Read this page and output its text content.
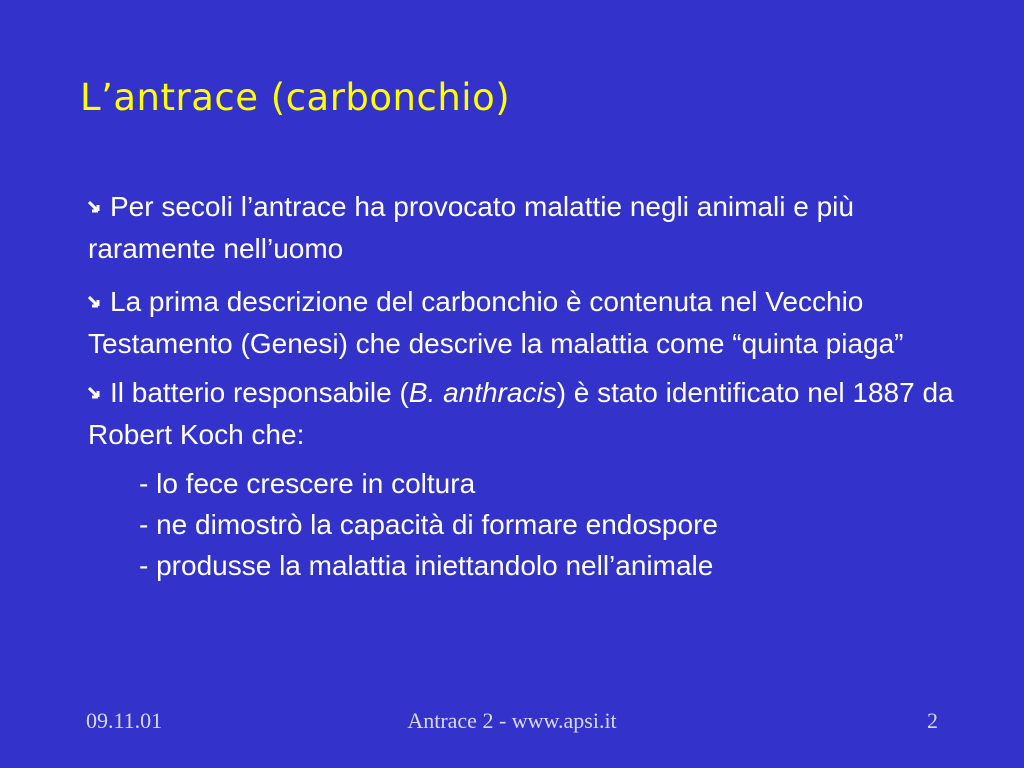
L’antrace (carbonchio)
Per secoli l’antrace ha provocato malattie negli animali e più raramente nell’uomo
La prima descrizione del carbonchio è contenuta nel Vecchio Testamento (Genesi) che descrive la malattia come “quinta piaga”
Il batterio responsabile (B. anthracis) è stato identificato nel 1887 da Robert Koch che:
- lo fece crescere in coltura
- ne dimostrò la capacità di formare endospore
- produsse la malattia iniettandolo nell’animale
09.11.01	Antrace 2 - www.apsi.it	2
